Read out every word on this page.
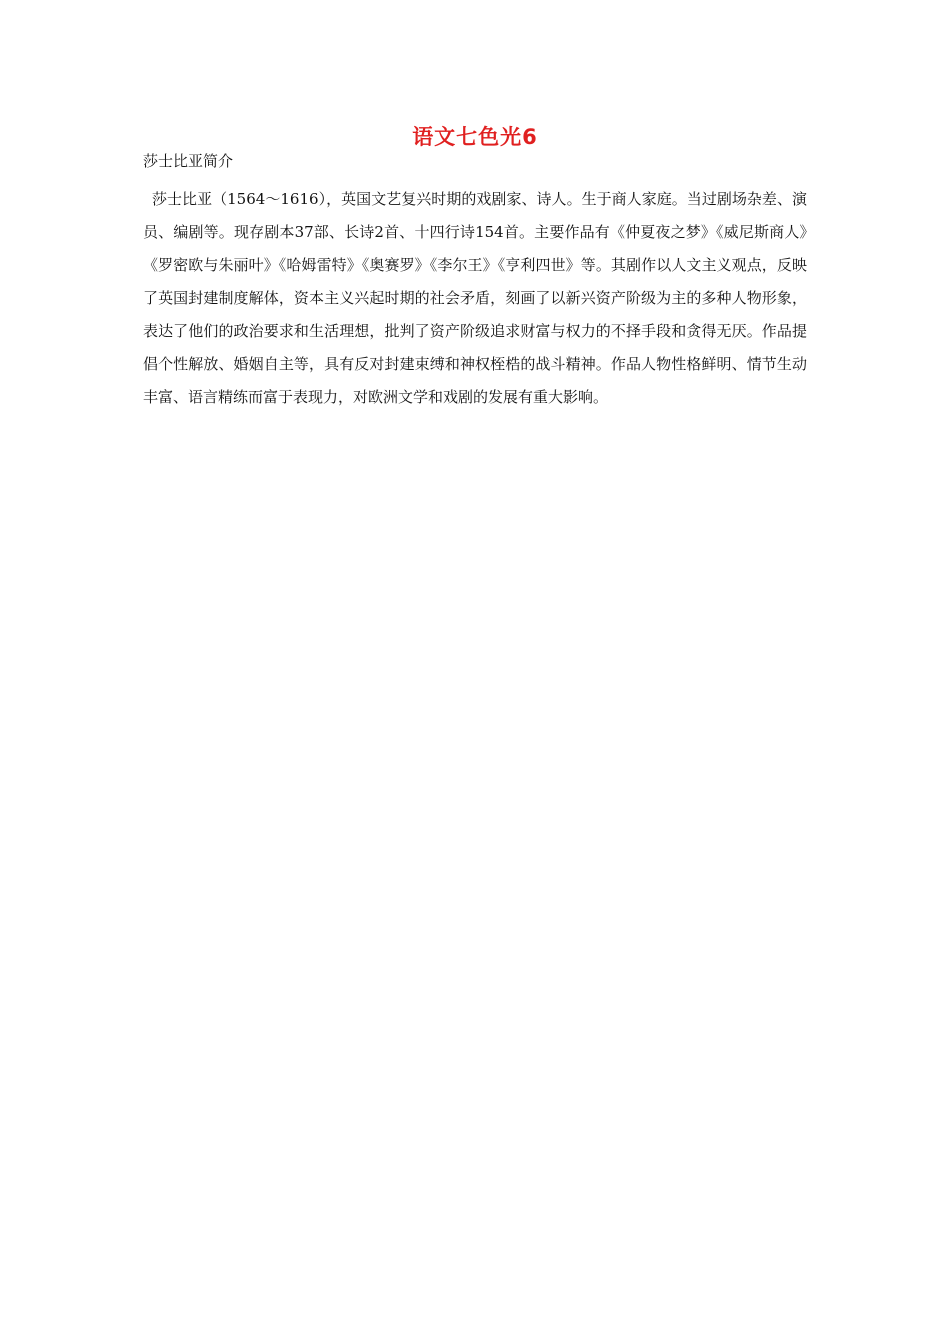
语文七色光6
莎士比亚简介
莎士比亚（1564～1616），英国文艺复兴时期的戏剧家、诗人。生于商人家庭。当过剧场杂差、演员、编剧等。现存剧本37部、长诗2首、十四行诗154首。主要作品有《仲夏夜之梦》《威尼斯商人》《罗密欧与朱丽叶》《哈姆雷特》《奥赛罗》《李尔王》《亨利四世》等。其剧作以人文主义观点，反映了英国封建制度解体，资本主义兴起时期的社会矛盾，刻画了以新兴资产阶级为主的多种人物形象，表达了他们的政治要求和生活理想，批判了资产阶级追求财富与权力的不择手段和贪得无厌。作品提倡个性解放、婚姻自主等，具有反对封建束缚和神权桎梏的战斗精神。作品人物性格鲜明、情节生动丰富、语言精练而富于表现力，对欧洲文学和戏剧的发展有重大影响。
